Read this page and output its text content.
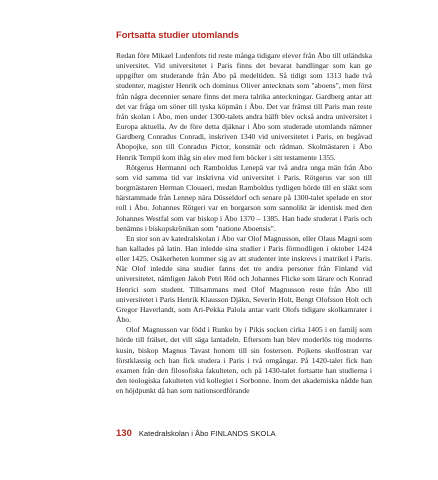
Fortsatta studier utomlands

Redan före Mikael Ludenfots tid reste många tidigare elever från Åbo till utländska universitet. Vid universitetet i Paris finns det bevarat handlingar som kan ge uppgifter om studerande från Åbo på medeltiden. Så tidigt som 1313 hade två studenter, magister Henrik och dominus Oliver antecknats som "aboens", men först från några decennier senare finns det mera talrika anteckningar. Gardberg antar att det var fråga om söner till tyska köpmän i Åbo. Det var främst till Paris man reste från skolan i Åbo, men under 1300-talets andra hälft blev också andra universitet i Europa aktuella. Av de före detta djäknar i Åbo som studerade utomlands nämner Gardberg Conradus Conradi, inskriven 1340 vid universitetet i Paris, en begåvad Åbopojke, son till Conradus Pictor, konstnär och rådman. Skolmästaren i Åbo Henrik Tempil kom ihåg sin elev med fem böcker i sitt testamente 1355.

Rötgerus Hermanni och Ramboldus Lenepä var två andra unga män från Åbo som vid samma tid var inskrivna vid universitet i Paris. Rötgerus var son till borgmästaren Herman Clouaeri, medan Ramboldus tydligen hörde till en släkt som härstammade från Lennep nära Düsseldorf och senare på 1300-talet spelade en stor roll i Åbo. Johannes Rötgeri var en borgarson som sannolikt är identisk med den Johannes Westfal som var biskop i Åbo 1370 – 1385. Han hade studerat i Paris och benämns i biskopskrönikan som "natione Aboensis".

En stor son av katedralskolan i Åbo var Olof Magnusson, eller Olaus Magni som han kallades på latin. Han inledde sina studier i Paris förmodligen i oktober 1424 eller 1425. Osäkerheten kommer sig av att studenter inte inskrevs i matrikel i Paris. När Olof inledde sina studier fanns det tre andra personer från Finland vid universitetet, nämligen Jakob Petri Röd och Johannes Flicke som lärare och Konrad Henrici som student. Tillsammans med Olof Magnusson reste från Åbo till universitetet i Paris Henrik Klausson Djäkn, Severin Holt, Bengt Olofsson Holt och Gregor Haverlandt, som Ari-Pekka Palola antar varit Olofs tidigare skolkamrater i Åbo.

Olof Magnusson var född i Runko by i Pikis socken cirka 1405 i en familj som hörde till frälset, det vill säga lantadeln. Eftersom han blev moderlös tog moderns kusin, biskop Magnus Tavast honom till sin fosterson. Pojkens skolfostran var förstklassig och han fick studera i Paris i två omgångar. På 1420-talet fick han examen från den filosofiska fakulteten, och på 1430-talet fortsatte han studierna i den teologiska fakulteten vid kollegiet i Sorbonne. Inom det akademiska nådde han en höjdpunkt då han som nationsordförande

130 Katedralskolan i Åbo FINLANDS SKOLA
